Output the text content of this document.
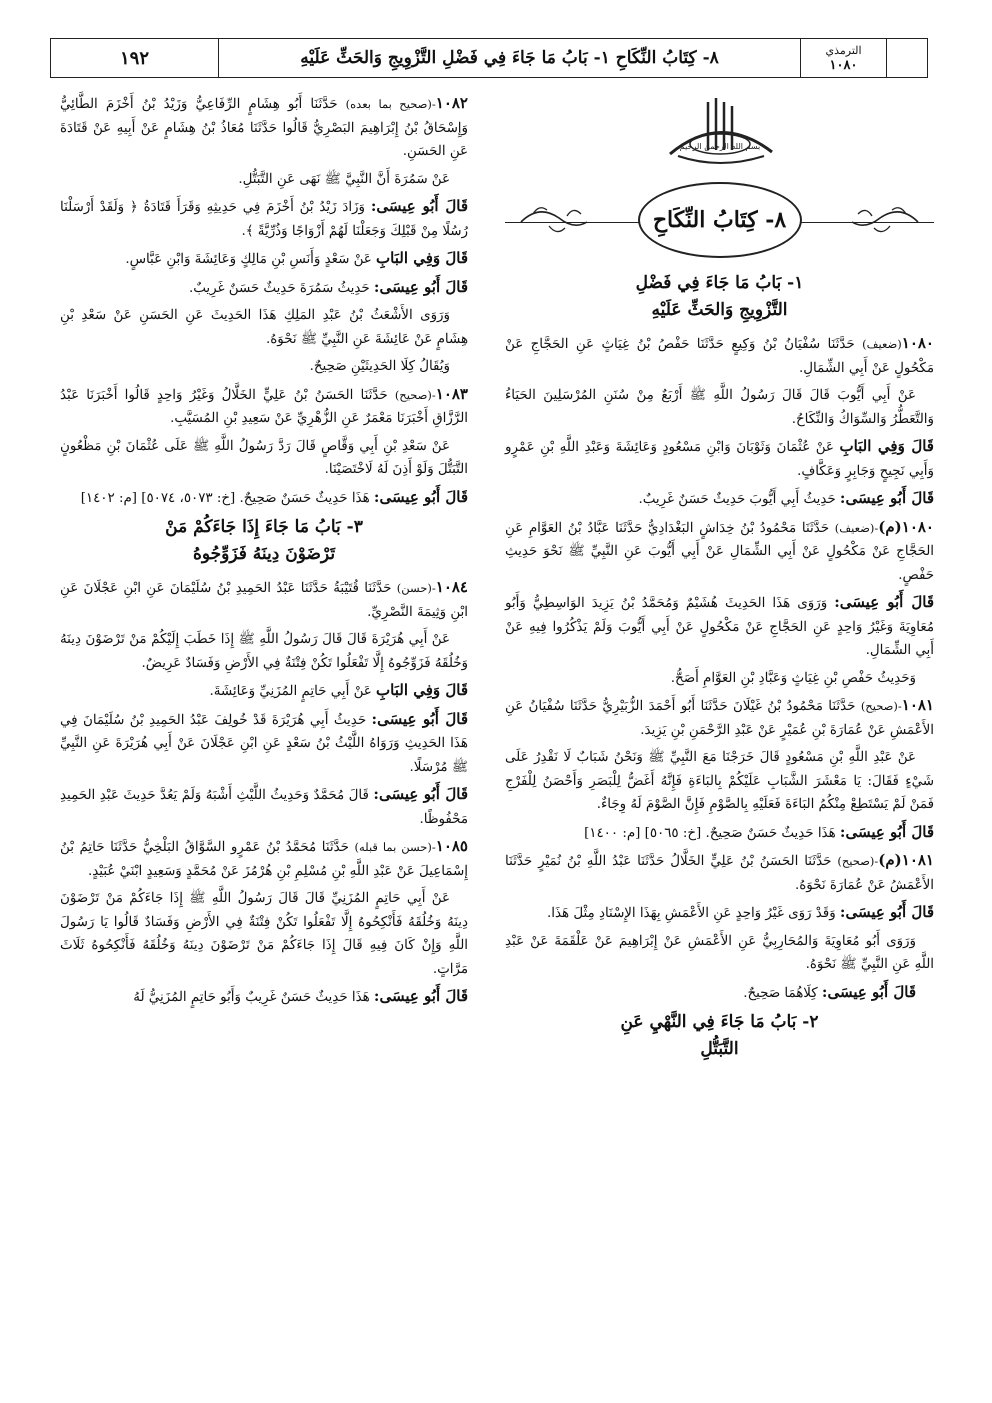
١٩٢	٨- كِتَابُ النِّكَاحِ ١- بَابُ مَا جَاءَ فِي فَضْلِ التَّزْوِيجِ وَالحَثِّ عَلَيْهِ	الترمذي
١٠٨٠
بسم الله الرحمن الرحيم
٨- كِتَابُ النِّكَاحِ
١- بَابُ مَا جَاءَ فِي فَضْلِ
التَّزْوِيجِ وَالحَثِّ عَلَيْهِ

١٠٨٠(ضعيف) حَدَّثَنَا سُفْيَانُ بْنُ وَكِيعٍ حَدَّثَنَا حَفْصُ بْنُ غِيَاثٍ عَنِ الحَجَّاجِ عَنْ مَكْحُولٍ عَنْ أَبِي الشِّمَالِ.

عَنْ أَبِي أَيُّوبَ قَالَ قَالَ رَسُولُ اللَّهِ ﷺ أَرْبَعٌ مِنْ سُنَنِ المُرْسَلِينَ الحَيَاءُ وَالتَّعَطُّرُ وَالسِّوَاكُ وَالنِّكَاحُ.

قَالَ وَفِي البَابِ عَنْ عُثْمَانَ وَثَوْبَانَ وَابْنِ مَسْعُودٍ وَعَائِشَةَ وَعَبْدِ اللَّهِ بْنِ عَمْرٍو وَأَبِي نَجِيحٍ وَجَابِرٍ وَعَكَّافٍ.

قَالَ أَبُو عِيسَى: حَدِيثُ أَبِي أَيُّوبَ حَدِيثٌ حَسَنٌ غَرِيبٌ.

١٠٨٠(م)-(ضعيف) حَدَّثَنَا مَحْمُودُ بْنُ خِدَاشٍ البَغْدَادِيُّ حَدَّثَنَا عَبَّادُ بْنُ العَوَّامِ عَنِ الحَجَّاجِ عَنْ مَكْحُولٍ عَنْ أَبِي الشِّمَالِ عَنْ أَبِي أَيُّوبَ عَنِ النَّبِيِّ ﷺ نَحْوَ حَدِيثِ حَفْصٍ.

قَالَ أَبُو عِيسَى: وَرَوَى هَذَا الحَدِيثَ هُشَيْمٌ وَمُحَمَّدُ بْنُ يَزِيدَ الوَاسِطِيُّ وَأَبُو مُعَاوِيَةَ وَغَيْرُ وَاحِدٍ عَنِ الحَجَّاجِ عَنْ مَكْحُولٍ عَنْ أَبِي أَيُّوبَ وَلَمْ يَذْكُرُوا فِيهِ عَنْ أَبِي الشِّمَالِ.

وَحَدِيثُ حَفْصِ بْنِ غِيَاثٍ وَعَبَّادِ بْنِ العَوَّامِ أَصَحُّ.

١٠٨١-(صحيح) حَدَّثَنَا مَحْمُودُ بْنُ غَيْلَانَ حَدَّثَنَا أَبُو أَحْمَدَ الزُّبَيْرِيُّ حَدَّثَنَا سُفْيَانُ عَنِ الأَعْمَشِ عَنْ عُمَارَةَ بْنِ عُمَيْرٍ عَنْ عَبْدِ الرَّحْمَنِ بْنِ يَزِيدَ.

عَنْ عَبْدِ اللَّهِ بْنِ مَسْعُودٍ قَالَ خَرَجْنَا مَعَ النَّبِيِّ ﷺ وَنَحْنُ شَبَابٌ لَا نَقْدِرُ عَلَى شَيْءٍ فَقَالَ: يَا مَعْشَرَ الشَّبَابِ عَلَيْكُمْ بِالبَاءَةِ فَإِنَّهُ أَغَضُّ لِلْبَصَرِ وَأَحْصَنُ لِلْفَرْجِ فَمَنْ لَمْ يَسْتَطِعْ مِنْكُمُ البَاءَةَ فَعَلَيْهِ بِالصَّوْمِ فَإِنَّ الصَّوْمَ لَهُ وِجَاءٌ.

قَالَ أَبُو عِيسَى: هَذَا حَدِيثٌ حَسَنٌ صَحِيحٌ. [خ: ٥٠٦٥] [م: ١٤٠٠]

١٠٨١(م)-(صحيح) حَدَّثَنَا الحَسَنُ بْنُ عَلِيٍّ الخَلَّالُ حَدَّثَنَا عَبْدُ اللَّهِ بْنُ نُمَيْرٍ حَدَّثَنَا الأَعْمَشُ عَنْ عُمَارَةَ نَحْوَهُ.

قَالَ أَبُو عِيسَى: وَقَدْ رَوَى غَيْرُ وَاحِدٍ عَنِ الأَعْمَشِ بِهَذَا الإِسْنَادِ مِثْلَ هَذَا.

وَرَوَى أَبُو مُعَاوِيَةَ وَالمُحَارِبِيُّ عَنِ الأَعْمَشِ عَنْ إِبْرَاهِيمَ عَنْ عَلْقَمَةَ عَنْ عَبْدِ اللَّهِ عَنِ النَّبِيِّ ﷺ نَحْوَهُ.

قَالَ أَبُو عِيسَى: كِلَاهُمَا صَحِيحٌ.

٢- بَابُ مَا جَاءَ فِي النَّهْيِ عَنِ
التَّبَتُّلِ

١٠٨٢-(صحيح بما بعده) حَدَّثَنَا أَبُو هِشَامٍ الرِّفَاعِيُّ وَزَيْدُ بْنُ أَخْزَمَ الطَّائِيُّ وَإِسْحَاقُ بْنُ إِبْرَاهِيمَ البَصْرِيُّ قَالُوا حَدَّثَنَا مُعَاذُ بْنُ هِشَامٍ عَنْ أَبِيهِ عَنْ قَتَادَةَ عَنِ الحَسَنِ.

عَنْ سَمُرَةَ أَنَّ النَّبِيَّ ﷺ نَهَى عَنِ التَّبَتُّلِ.

قَالَ أَبُو عِيسَى: وَزَادَ زَيْدُ بْنُ أَخْزَمَ فِي حَدِيثِهِ وَقَرَأَ قَتَادَةُ ﴿ وَلَقَدْ أَرْسَلْنَا رُسُلًا مِنْ قَبْلِكَ وَجَعَلْنَا لَهُمْ أَزْوَاجًا وَذُرِّيَّةً ﴾.

قَالَ وَفِي البَابِ عَنْ سَعْدٍ وَأَنَسِ بْنِ مَالِكٍ وَعَائِشَةَ وَابْنِ عَبَّاسٍ.

قَالَ أَبُو عِيسَى: حَدِيثُ سَمُرَةَ حَدِيثٌ حَسَنٌ غَرِيبٌ.

وَرَوَى الأَشْعَثُ بْنُ عَبْدِ المَلِكِ هَذَا الحَدِيثَ عَنِ الحَسَنِ عَنْ سَعْدِ بْنِ هِشَامٍ عَنْ عَائِشَةَ عَنِ النَّبِيِّ ﷺ نَحْوَهُ.

وَيُقَالُ كِلَا الحَدِيثَيْنِ صَحِيحٌ.

١٠٨٣-(صحيح) حَدَّثَنَا الحَسَنُ بْنُ عَلِيٍّ الخَلَّالُ وَغَيْرُ وَاحِدٍ قَالُوا أَخْبَرَنَا عَبْدُ الرَّزَّاقِ أَخْبَرَنَا مَعْمَرٌ عَنِ الزُّهْرِيِّ عَنْ سَعِيدِ بْنِ المُسَيَّبِ.

عَنْ سَعْدِ بْنِ أَبِي وَقَّاصٍ قَالَ رَدَّ رَسُولُ اللَّهِ ﷺ عَلَى عُثْمَانَ بْنِ مَظْعُونٍ التَّبَتُّلَ وَلَوْ أَذِنَ لَهُ لَاخْتَصَيْنَا.

قَالَ أَبُو عِيسَى: هَذَا حَدِيثٌ حَسَنٌ صَحِيحٌ. [خ: ٥٠٧٣، ٥٠٧٤] [م: ١٤٠٢]

٣- بَابُ مَا جَاءَ إِذَا جَاءَكُمْ مَنْ
تَرْضَوْنَ دِينَهُ فَزَوِّجُوهُ

١٠٨٤-(حسن) حَدَّثَنَا قُتَيْبَةُ حَدَّثَنَا عَبْدُ الحَمِيدِ بْنُ سُلَيْمَانَ عَنِ ابْنِ عَجْلَانَ عَنِ ابْنِ وَثِيمَةَ النَّصْرِيِّ.

عَنْ أَبِي هُرَيْرَةَ قَالَ قَالَ رَسُولُ اللَّهِ ﷺ إِذَا خَطَبَ إِلَيْكُمْ مَنْ تَرْضَوْنَ دِينَهُ وَخُلُقَهُ فَزَوِّجُوهُ إِلَّا تَفْعَلُوا تَكُنْ فِتْنَةٌ فِي الأَرْضِ وَفَسَادٌ عَرِيضٌ.

قَالَ وَفِي البَابِ عَنْ أَبِي حَاتِمٍ المُزَنِيِّ وَعَائِشَةَ.

قَالَ أَبُو عِيسَى: حَدِيثُ أَبِي هُرَيْرَةَ قَدْ خُولِفَ عَبْدُ الحَمِيدِ بْنُ سُلَيْمَانَ فِي هَذَا الحَدِيثِ وَرَوَاهُ اللَّيْثُ بْنُ سَعْدٍ عَنِ ابْنِ عَجْلَانَ عَنْ أَبِي هُرَيْرَةَ عَنِ النَّبِيِّ ﷺ مُرْسَلًا.

قَالَ أَبُو عِيسَى: قَالَ مُحَمَّدٌ وَحَدِيثُ اللَّيْثِ أَشْبَهُ وَلَمْ يَعُدَّ حَدِيثَ عَبْدِ الحَمِيدِ مَحْفُوظًا.

١٠٨٥-(حسن بما قبله) حَدَّثَنَا مُحَمَّدُ بْنُ عَمْرٍو السَّوَّاقُ البَلْخِيُّ حَدَّثَنَا حَاتِمُ بْنُ إِسْمَاعِيلَ عَنْ عَبْدِ اللَّهِ بْنِ مُسْلِمِ بْنِ هُرْمُزَ عَنْ مُحَمَّدٍ وَسَعِيدٍ ابْنَيْ عُبَيْدٍ.

عَنْ أَبِي حَاتِمٍ المُزَنِيِّ قَالَ قَالَ رَسُولُ اللَّهِ ﷺ إِذَا جَاءَكُمْ مَنْ تَرْضَوْنَ دِينَهُ وَخُلُقَهُ فَأَنْكِحُوهُ إِلَّا تَفْعَلُوا تَكُنْ فِتْنَةٌ فِي الأَرْضِ وَفَسَادٌ قَالُوا يَا رَسُولَ اللَّهِ وَإِنْ كَانَ فِيهِ قَالَ إِذَا جَاءَكُمْ مَنْ تَرْضَوْنَ دِينَهُ وَخُلُقَهُ فَأَنْكِحُوهُ ثَلَاثَ مَرَّاتٍ.

قَالَ أَبُو عِيسَى: هَذَا حَدِيثٌ حَسَنٌ غَرِيبٌ وَأَبُو حَاتِمٍ المُزَنِيُّ لَهُ
